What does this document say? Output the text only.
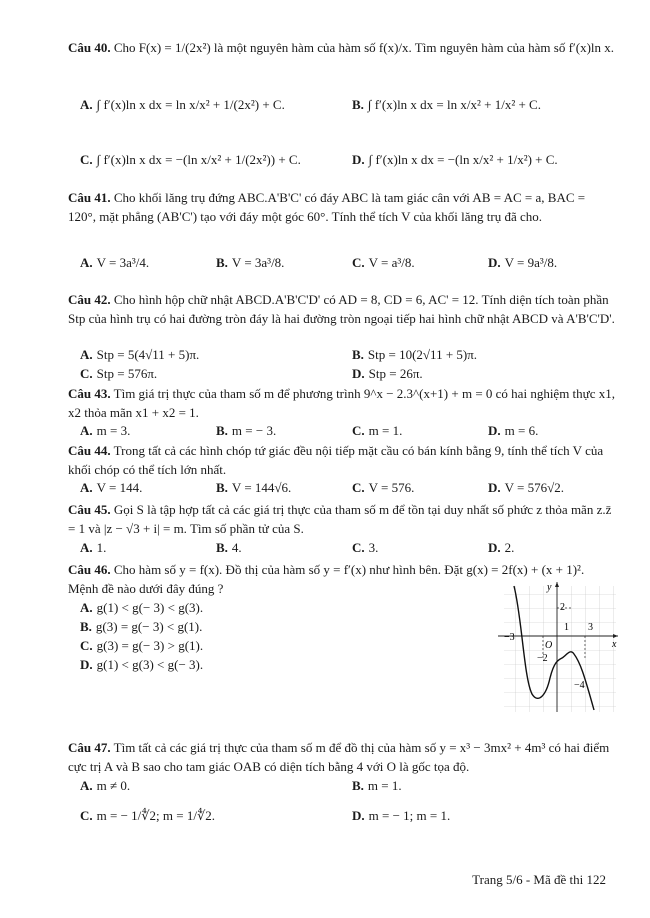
Câu 40. Cho F(x) = 1/(2x²) là một nguyên hàm của hàm số f(x)/x. Tìm nguyên hàm của hàm số f′(x)ln x.
A. ∫ f′(x)ln x dx = ln x/x² + 1/(2x²) + C.	B. ∫ f′(x)ln x dx = ln x/x² + 1/x² + C.
C. ∫ f′(x)ln x dx = −(ln x/x² + 1/(2x²)) + C.	D. ∫ f′(x)ln x dx = −(ln x/x² + 1/x²) + C.
Câu 41. Cho khối lăng trụ đứng ABC.A'B'C' có đáy ABC là tam giác cân với AB = AC = a, BAC = 120°, mặt phẳng (AB'C') tạo với đáy một góc 60°. Tính thể tích V của khối lăng trụ đã cho.
A. V = 3a³/4.	B. V = 3a³/8.	C. V = a³/8.	D. V = 9a³/8.
Câu 42. Cho hình hộp chữ nhật ABCD.A'B'C'D' có AD = 8, CD = 6, AC' = 12. Tính diện tích toàn phần Stp của hình trụ có hai đường tròn đáy là hai đường tròn ngoại tiếp hai hình chữ nhật ABCD và A'B'C'D'.
A. Stp = 5(4√11 + 5)π.	B. Stp = 10(2√11 + 5)π.
C. Stp = 576π.	D. Stp = 26π.
Câu 43. Tìm giá trị thực của tham số m để phương trình 9^x − 2.3^(x+1) + m = 0 có hai nghiệm thực x1, x2 thỏa mãn x1 + x2 = 1.
A. m = 3.	B. m = − 3.	C. m = 1.	D. m = 6.
Câu 44. Trong tất cả các hình chóp tứ giác đều nội tiếp mặt cầu có bán kính bằng 9, tính thể tích V của khối chóp có thể tích lớn nhất.
A. V = 144.	B. V = 144√6.	C. V = 576.	D. V = 576√2.
Câu 45. Gọi S là tập hợp tất cả các giá trị thực của tham số m để tồn tại duy nhất số phức z thỏa mãn z.z̄ = 1 và |z − √3 + i| = m. Tìm số phần tử của S.
A. 1.	B. 4.	C. 3.	D. 2.
Câu 46. Cho hàm số y = f(x). Đồ thị của hàm số y = f′(x) như hình bên. Đặt g(x) = 2f(x) + (x + 1)². Mệnh đề nào dưới đây đúng ?
A. g(1) < g(− 3) < g(3).
B. g(3) = g(− 3) < g(1).
C. g(3) = g(− 3) > g(1).
D. g(1) < g(3) < g(− 3).
y
x
O
2
1 3
−3
−2
−4
Câu 47. Tìm tất cả các giá trị thực của tham số m để đồ thị của hàm số y = x³ − 3mx² + 4m³ có hai điểm cực trị A và B sao cho tam giác OAB có diện tích bằng 4 với O là gốc tọa độ.
A. m ≠ 0.	B. m = 1.
C. m = − 1/∜2; m = 1/∜2.	D. m = − 1; m = 1.
Trang 5/6 - Mã đề thi 122
